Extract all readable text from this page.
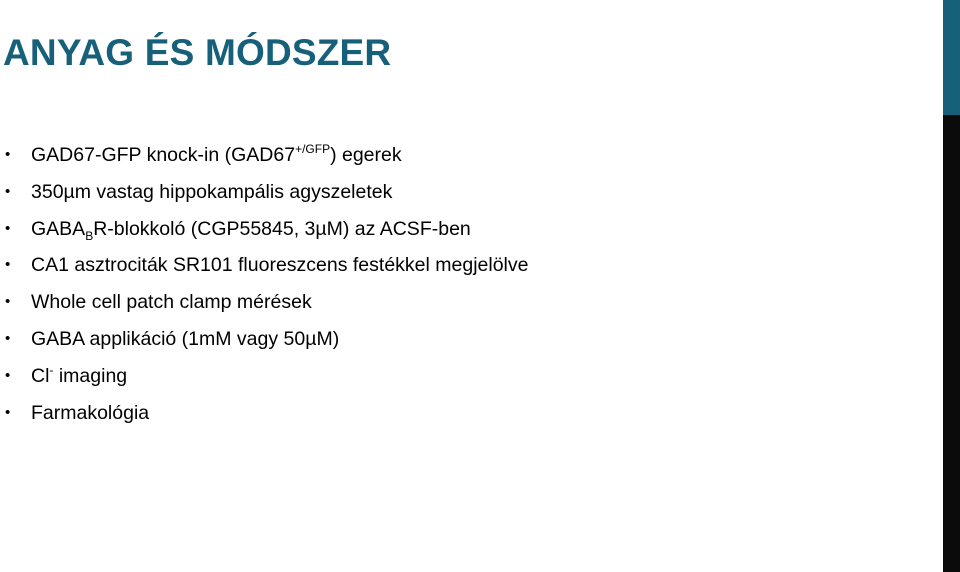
ANYAG ÉS MÓDSZER
• GAD67-GFP knock-in $(GAD67^{+/GFP})$ egerek
• 350µm vastag hippokampális agyszeletek
• $GABA_BR$-blokkoló (CGP55845, 3µM) az ACSF-ben
• CA1 asztrociták SR101 fluoreszcens festékkel megjelölve
• Whole cell patch clamp mérések
• GABA applikáció (1mM vagy 50µM)
• Cl- imaging
• Farmakológia
